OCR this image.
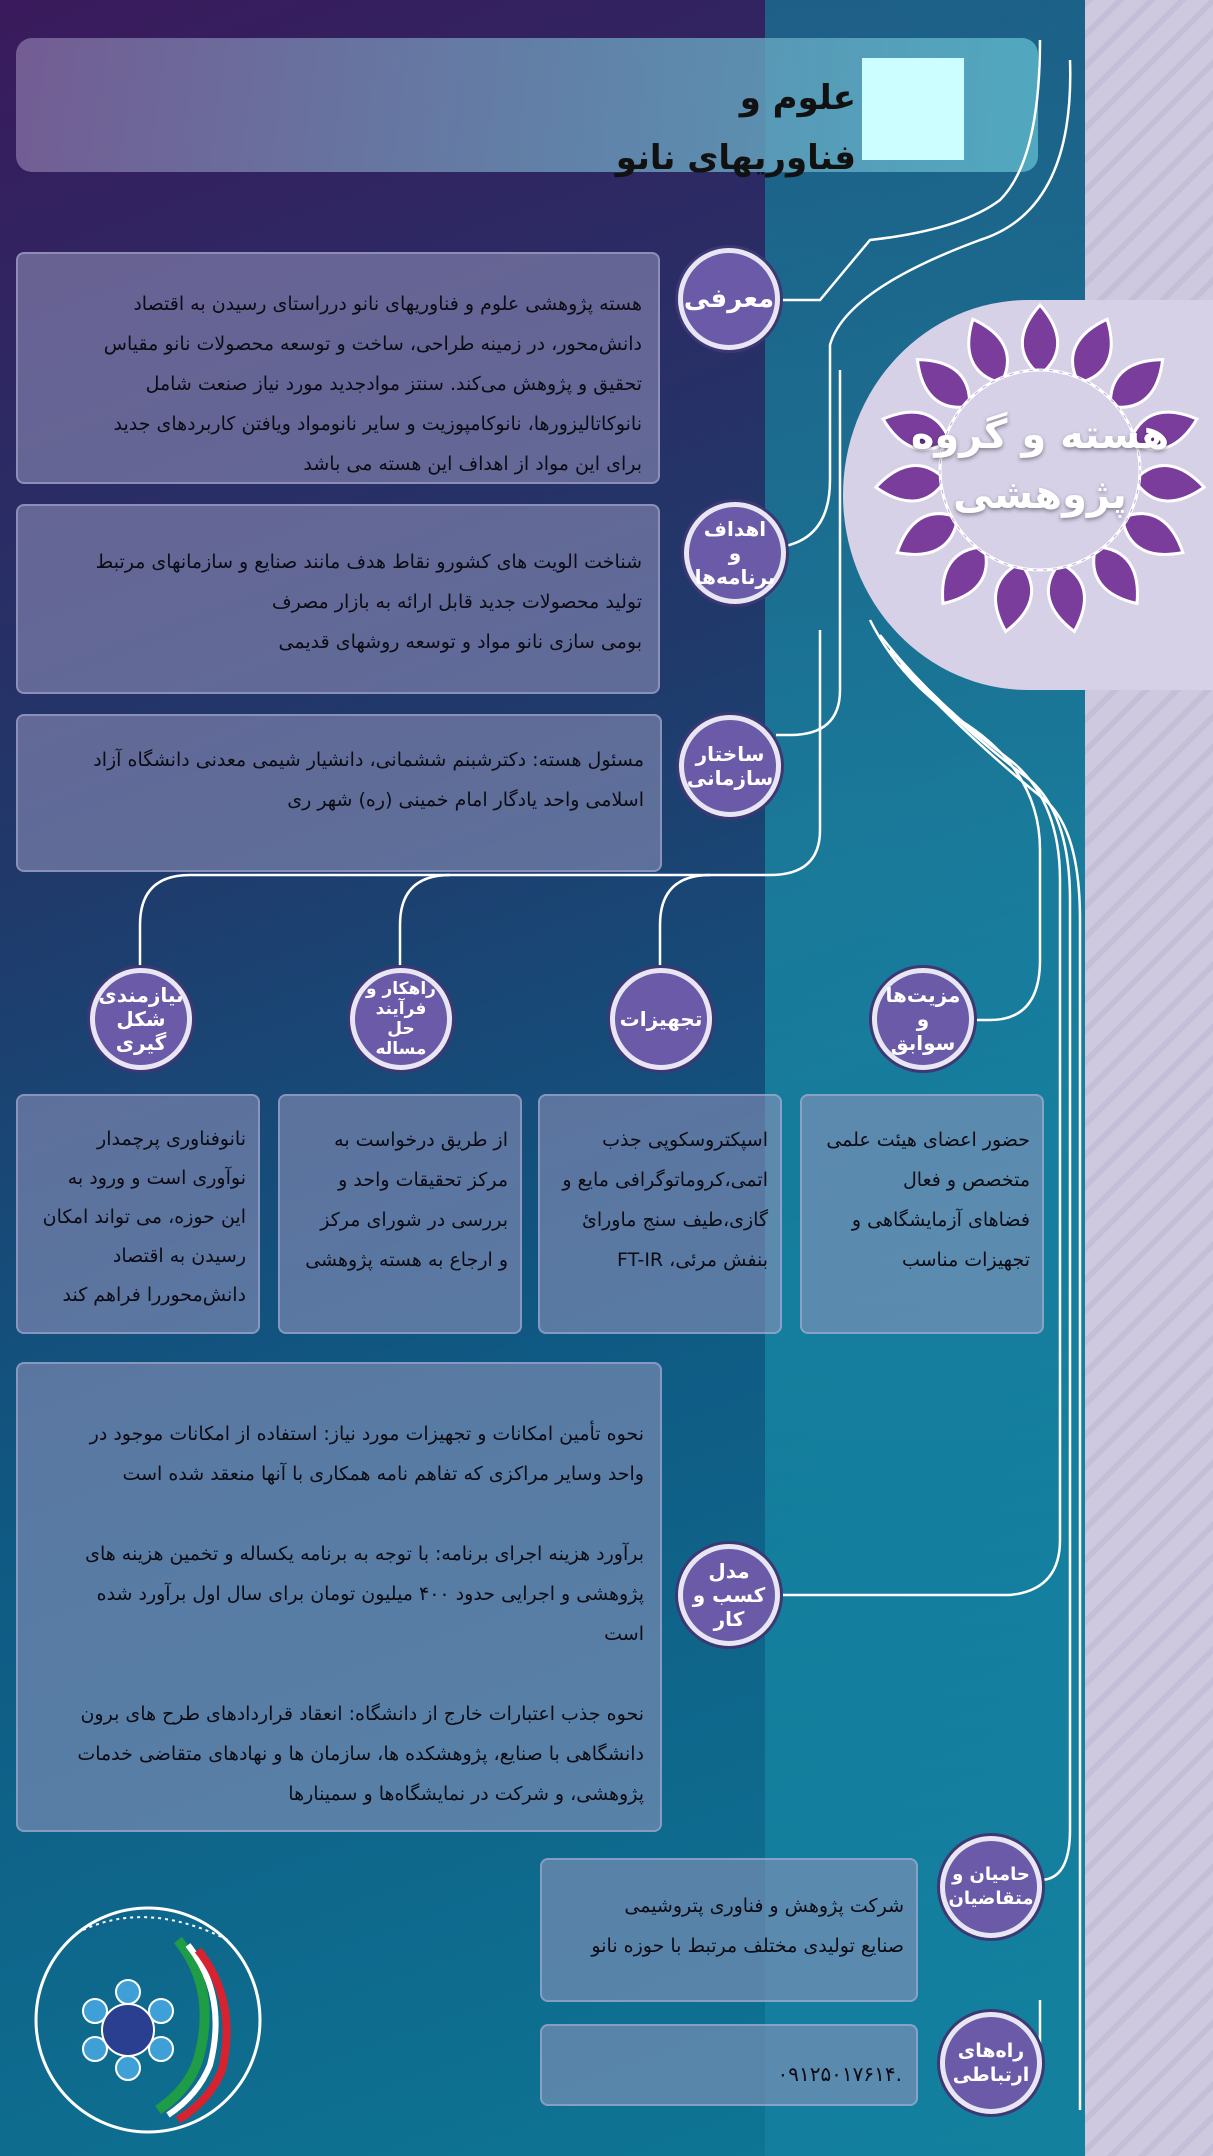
علوم و فناوریهای نانو
هسته و گروه پژوهشی

هسته پژوهشی علوم و فناوریهای نانو درراستای رسیدن به اقتصاد

دانش‌محور، در زمینه طراحی، ساخت و توسعه محصولات نانو مقیاس

تحقیق و پژوهش می‌کند. سنتز موادجدید مورد نیاز صنعت شامل

نانوکاتالیزورها، نانوکامپوزیت و سایر نانومواد ویافتن کاربردهای جدید

برای این مواد از اهداف این هسته می باشد

معرفی

شناخت الویت های کشورو نقاط هدف مانند صنایع و سازمانهای مرتبط

تولید محصولات جدید قابل ارائه به بازار مصرف

بومی سازی نانو مواد و توسعه روشهای قدیمی

اهداف و برنامه‌ها

مسئول هسته: دکترشبنم ششمانی، دانشیار شیمی معدنی دانشگاه آزاد

اسلامی واحد یادگار امام خمینی (ره) شهر ری

ساختار سازمانی
مزیت‌ها و سوابق
تجهیزات
راهکار و فرآیند حل مساله
نیازمندی شکل گیری

حضور اعضای هیئت علمی

متخصص و فعال

فضاهای آزمایشگاهی و

تجهیزات مناسب

اسپکتروسکوپی جذب

اتمی،کروماتوگرافی مایع و

گازی،طیف سنج ماورائ

بنفش مرئی، FT-IR

از طریق درخواست به

مرکز تحقیقات واحد و

بررسی در شورای مرکز

و ارجاع به هسته پژوهشی

نانوفناوری پرچمدار

نوآوری است و ورود به

این حوزه، می تواند امکان

رسیدن به اقتصاد

دانش‌محوررا فراهم کند

نحوه تأمین امکانات و تجهیزات مورد نیاز: استفاده از امکانات موجود در

واحد وسایر مراکزی که تفاهم نامه همکاری با آنها منعقد شده است

برآورد هزینه اجرای برنامه: با توجه به برنامه یکساله و تخمین هزینه های

پژوهشی و اجرایی حدود ۴۰۰ میلیون تومان برای سال اول برآورد شده

است

نحوه جذب اعتبارات خارج از دانشگاه: انعقاد قراردادهای طرح های برون

دانشگاهی با صنایع، پژوهشکده ها، سازمان ها و نهادهای متقاضی خدمات

پژوهشی، و شرکت در نمایشگاه‌ها و سمینارها

مدل کسب و کار

شرکت پژوهش و فناوری پتروشیمی

صنایع تولیدی مختلف مرتبط با حوزه نانو

حامیان و متقاضیان
۰۹۱۲۵۰۱۷۶۱۴.
راه‌های ارتباطی
